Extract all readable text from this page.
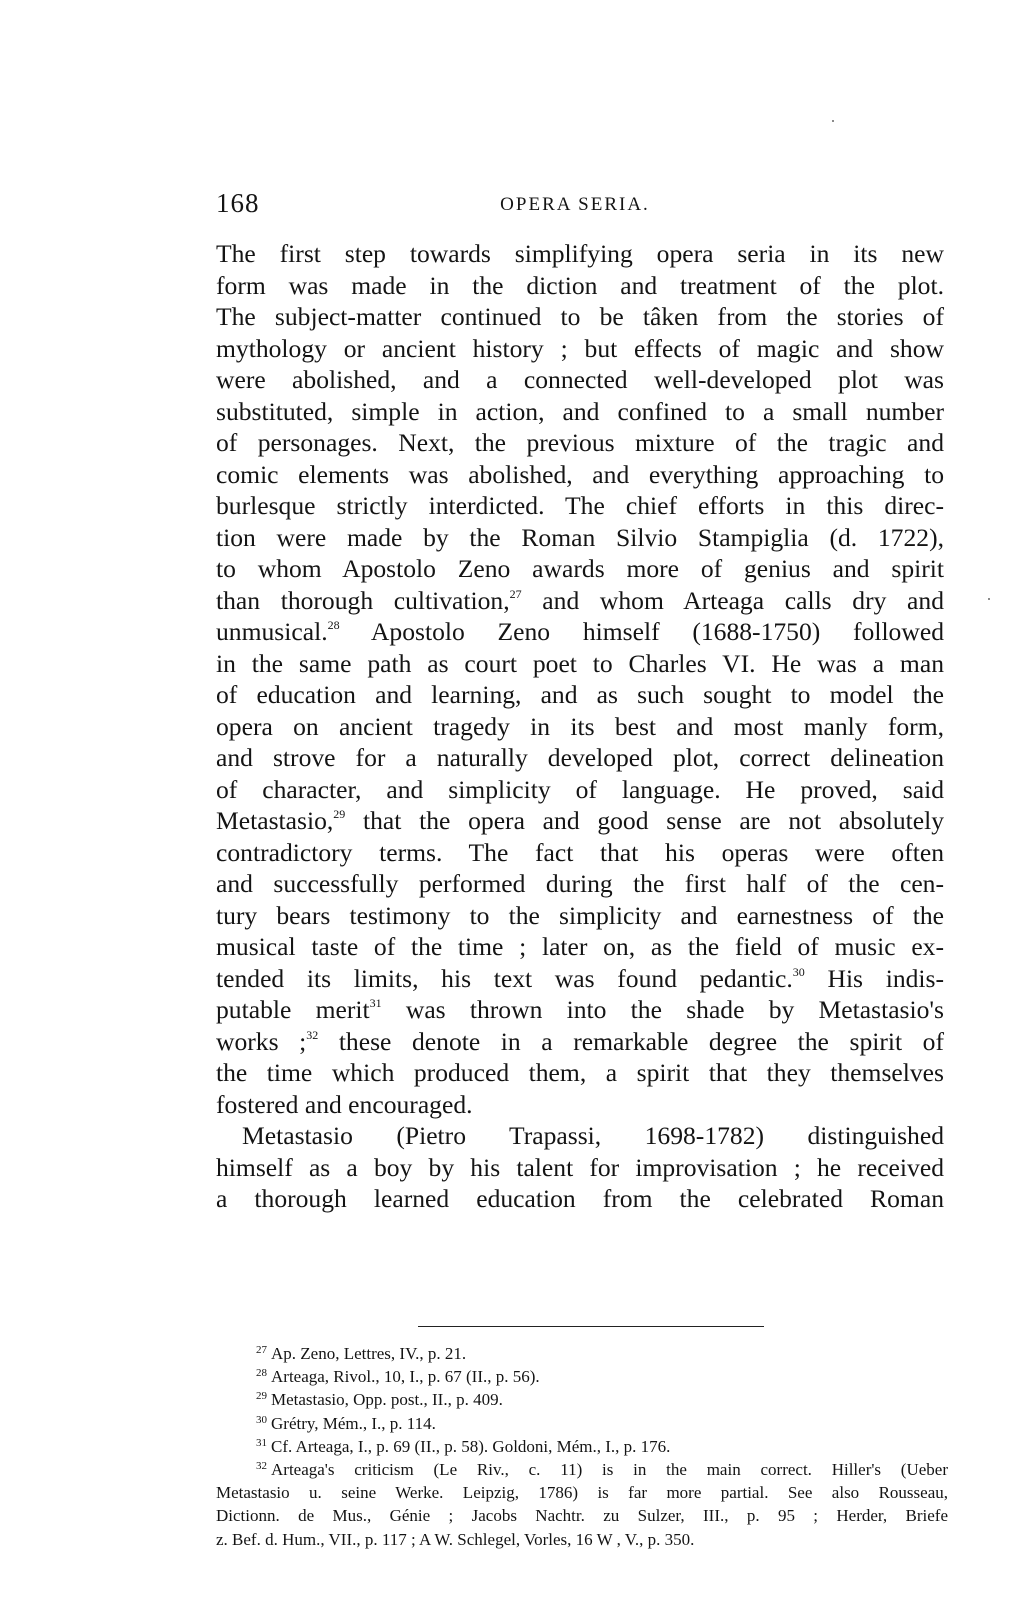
168	OPERA SERIA.
The first step towards simplifying opera seria in its new
form was made in the diction and treatment of the plot.
The subject-matter continued to be tâken from the stories of
mythology or ancient history ; but effects of magic and show
were abolished, and a connected well-developed plot was
substituted, simple in action, and confined to a small number
of personages. Next, the previous mixture of the tragic and
comic elements was abolished, and everything approaching to
burlesque strictly interdicted. The chief efforts in this direc-
tion were made by the Roman Silvio Stampiglia (d. 1722),
to whom Apostolo Zeno awards more of genius and spirit
than thorough cultivation,$^{27}$ and whom Arteaga calls dry and
unmusical.$^{28}$ Apostolo Zeno himself (1688-1750) followed
in the same path as court poet to Charles VI. He was a man
of education and learning, and as such sought to model the
opera on ancient tragedy in its best and most manly form,
and strove for a naturally developed plot, correct delineation
of character, and simplicity of language. He proved, said
Metastasio,$^{29}$ that the opera and good sense are not absolutely
contradictory terms. The fact that his operas were often
and successfully performed during the first half of the cen-
tury bears testimony to the simplicity and earnestness of the
musical taste of the time ; later on, as the field of music ex-
tended its limits, his text was found pedantic.$^{30}$ His indis-
putable merit$^{31}$ was thrown into the shade by Metastasio's
works ;$^{32}$ these denote in a remarkable degree the spirit of
the time which produced them, a spirit that they themselves
fostered and encouraged.
Metastasio (Pietro Trapassi, 1698-1782) distinguished
himself as a boy by his talent for improvisation ; he received
a thorough learned education from the celebrated Roman
$^{27}$ Ap. Zeno, Lettres, IV., p. 21.
$^{28}$ Arteaga, Rivol., 10, I., p. 67 (II., p. 56).
$^{29}$ Metastasio, Opp. post., II., p. 409.
$^{30}$ Grétry, Mém., I., p. 114.
$^{31}$ Cf. Arteaga, I., p. 69 (II., p. 58). Goldoni, Mém., I., p. 176.
$^{32}$ Arteaga's criticism (Le Riv., c. 11) is in the main correct. Hiller's (Ueber
Metastasio u. seine Werke. Leipzig, 1786) is far more partial. See also Rousseau,
Dictionn. de Mus., Génie ; Jacobs Nachtr. zu Sulzer, III., p. 95 ; Herder, Briefe
z. Bef. d. Hum., VII., p. 117 ; A W. Schlegel, Vorles, 16 W , V., p. 350.
